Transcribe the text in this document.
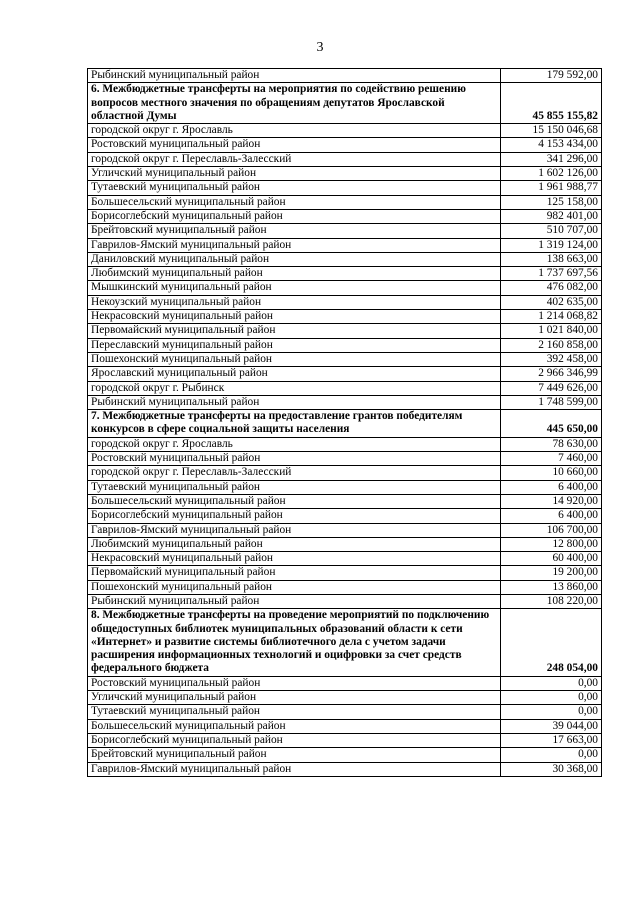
3
Рыбинский муниципальный район	179 592,00
6. Межбюджетные трансферты на мероприятия по содействию решению вопросов местного значения по обращениям депутатов Ярославской областной Думы	45 855 155,82
городской округ г. Ярославль	15 150 046,68
Ростовский муниципальный район	4 153 434,00
городской округ г. Переславль-Залесский	341 296,00
Угличский муниципальный район	1 602 126,00
Тутаевский муниципальный район	1 961 988,77
Большесельский муниципальный район	125 158,00
Борисоглебский муниципальный район	982 401,00
Брейтовский муниципальный район	510 707,00
Гаврилов-Ямский муниципальный район	1 319 124,00
Даниловский муниципальный район	138 663,00
Любимский муниципальный район	1 737 697,56
Мышкинский муниципальный район	476 082,00
Некоузский муниципальный район	402 635,00
Некрасовский муниципальный район	1 214 068,82
Первомайский муниципальный район	1 021 840,00
Переславский муниципальный район	2 160 858,00
Пошехонский муниципальный район	392 458,00
Ярославский муниципальный район	2 966 346,99
городской округ г. Рыбинск	7 449 626,00
Рыбинский муниципальный район	1 748 599,00
7. Межбюджетные трансферты на предоставление грантов победителям конкурсов в сфере социальной защиты населения	445 650,00
городской округ г. Ярославль	78 630,00
Ростовский муниципальный район	7 460,00
городской округ г. Переславль-Залесский	10 660,00
Тутаевский муниципальный район	6 400,00
Большесельский муниципальный район	14 920,00
Борисоглебский муниципальный район	6 400,00
Гаврилов-Ямский муниципальный район	106 700,00
Любимский муниципальный район	12 800,00
Некрасовский муниципальный район	60 400,00
Первомайский муниципальный район	19 200,00
Пошехонский муниципальный район	13 860,00
Рыбинский муниципальный район	108 220,00
8. Межбюджетные трансферты на проведение мероприятий по подключению общедоступных библиотек муниципальных образований области к сети «Интернет» и развитие системы библиотечного дела с учетом задачи расширения информационных технологий и оцифровки за счет средств федерального бюджета	248 054,00
Ростовский муниципальный район	0,00
Угличский муниципальный район	0,00
Тутаевский муниципальный район	0,00
Большесельский муниципальный район	39 044,00
Борисоглебский муниципальный район	17 663,00
Брейтовский муниципальный район	0,00
Гаврилов-Ямский муниципальный район	30 368,00
